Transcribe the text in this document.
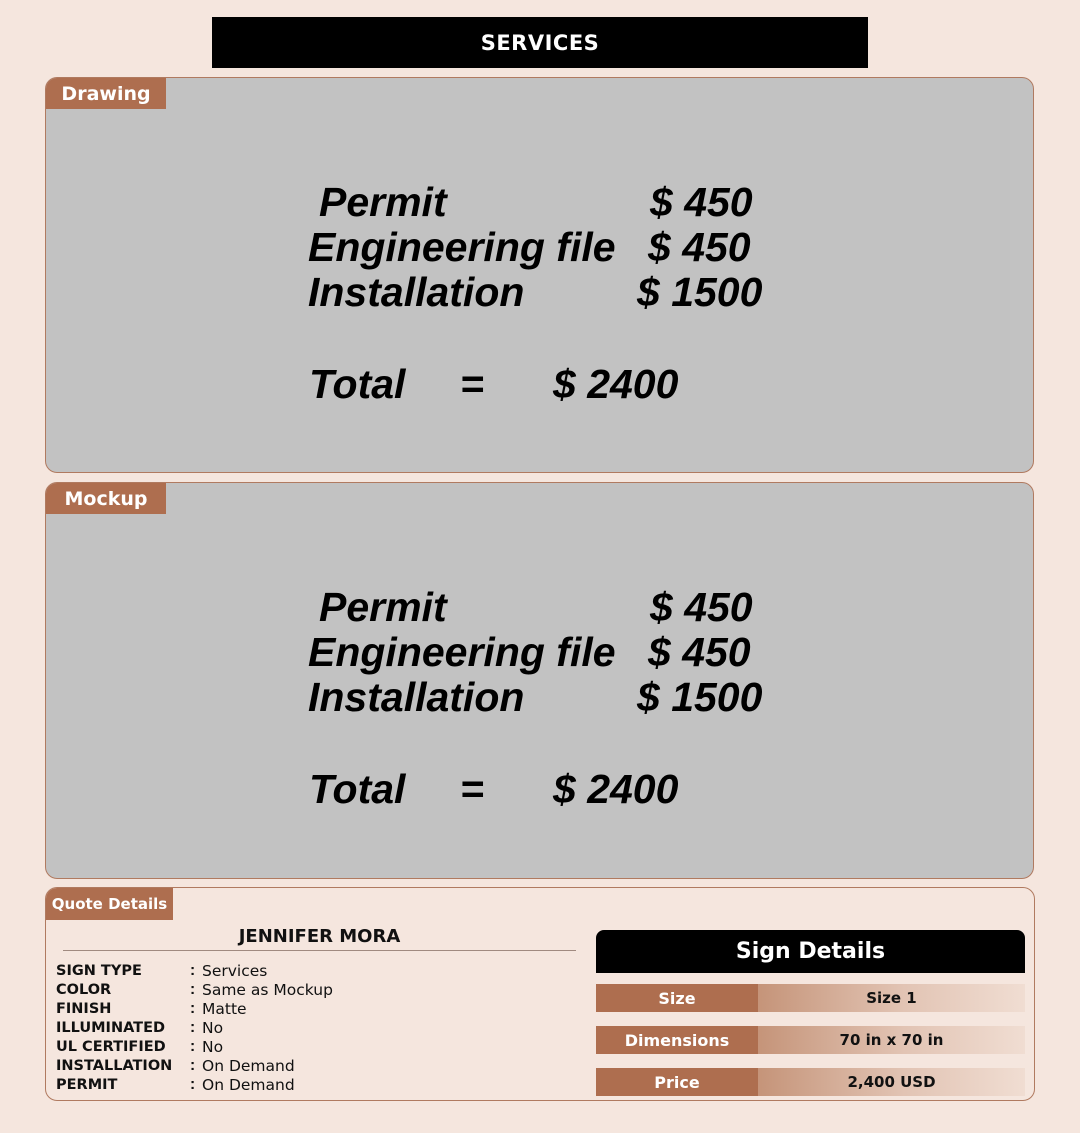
SERVICES
Permit	$ 450
Engineering file $ 450
Installation	$ 1500
Total = $ 2400
Drawing
Permit	$ 450
Engineering file $ 450
Installation	$ 1500
Total = $ 2400
Mockup
Quote Details
JENNIFER MORA
SIGN TYPE	: Services
COLOR	: Same as Mockup
FINISH	: Matte
ILLUMINATED	: No
UL CERTIFIED	: No
INSTALLATION	: On Demand
PERMIT	: On Demand
Sign Details
Size	Size 1
Dimensions	70 in x 70 in
Price	2,400 USD
